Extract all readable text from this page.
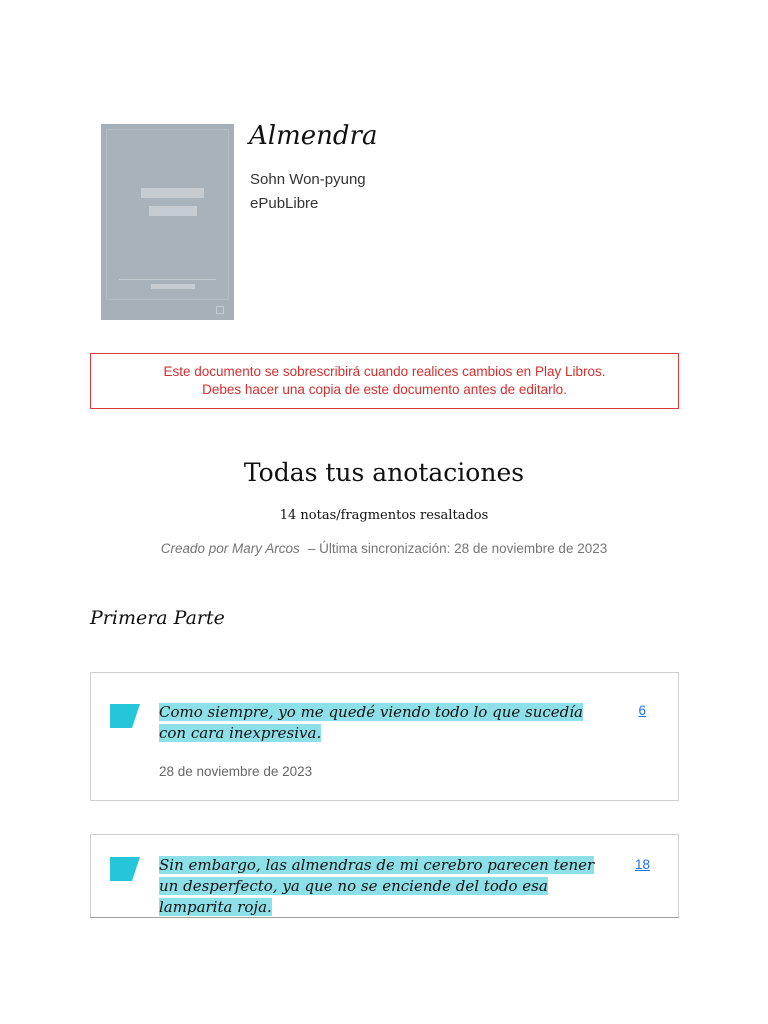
Almendra
Sohn Won-pyung
ePubLibre
Este documento se sobrescribirá cuando realices cambios en Play Libros.
Debes hacer una copia de este documento antes de editarlo.
Todas tus anotaciones
14 notas/fragmentos resaltados
Creado por Mary Arcos – Última sincronización: 28 de noviembre de 2023
Primera Parte

Como siempre, yo me quedé viendo todo lo que sucedía con cara inexpresiva.

6
28 de noviembre de 2023

Sin embargo, las almendras de mi cerebro parecen tener un desperfecto, ya que no se enciende del todo esa lamparita roja.

18
